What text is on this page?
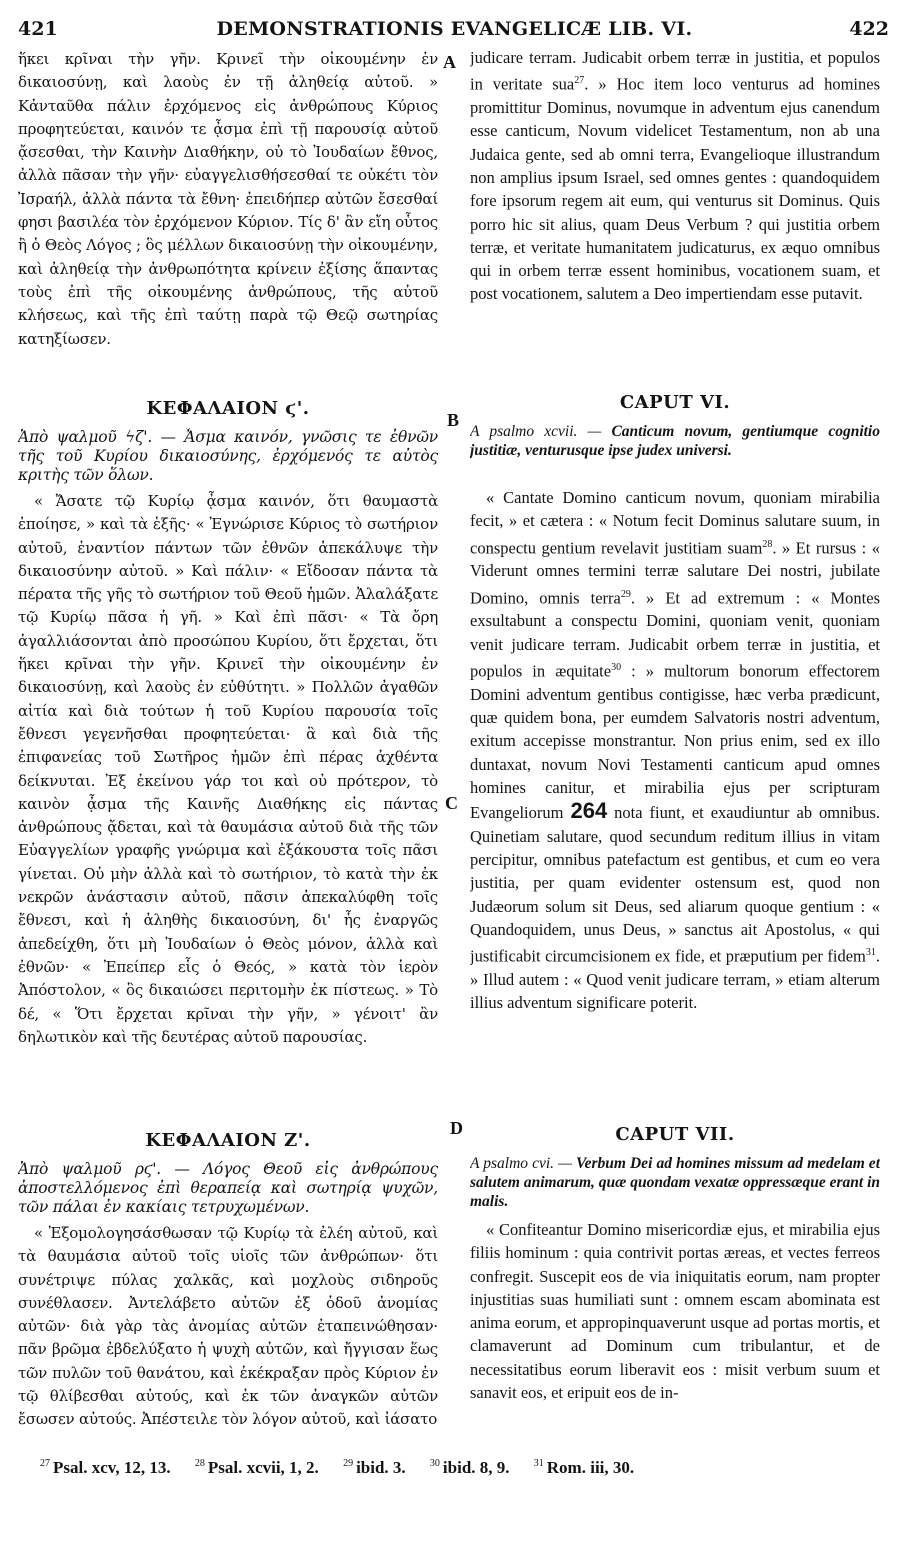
421	DEMONSTRATIONIS EVANGELICÆ LIB. VI.	422
A
B
C
D

ἥκει κρῖναι τὴν γῆν. Κρινεῖ τὴν οἰκουμένην ἐν δικαιοσύνῃ, καὶ λαοὺς ἐν τῇ ἀληθείᾳ αὐτοῦ. » Κἀνταῦθα πάλιν ἐρχόμενος εἰς ἀνθρώπους Κύριος προφητεύεται, καινόν τε ᾆσμα ἐπὶ τῇ παρουσίᾳ αὐτοῦ ᾄσεσθαι, τὴν Καινὴν Διαθήκην, οὐ τὸ Ἰουδαίων ἔθνος, ἀλλὰ πᾶσαν τὴν γῆν· εὐαγγελισθήσεσθαί τε οὐκέτι τὸν Ἰσραήλ, ἀλλὰ πάντα τὰ ἔθνη· ἐπειδήπερ αὐτῶν ἔσεσθαί φησι βασιλέα τὸν ἐρχόμενον Κύριον. Τίς δ' ἂν εἴη οὗτος ἢ ὁ Θεὸς Λόγος ; ὃς μέλλων δικαιοσύνῃ τὴν οἰκουμένην, καὶ ἀληθείᾳ τὴν ἀνθρωπότητα κρίνειν ἐξίσης ἅπαντας τοὺς ἐπὶ τῆς οἰκουμένης ἀνθρώπους, τῆς αὐτοῦ κλήσεως, καὶ τῆς ἐπὶ ταύτῃ παρὰ τῷ Θεῷ σωτηρίας κατηξίωσεν.

ΚΕΦΑΛΑΙΟΝ ϛ'.
Ἀπὸ ψαλμοῦ ϟζ'. — Ἆσμα καινόν, γνῶσις τε ἐθνῶν τῆς τοῦ Κυρίου δικαιοσύνης, ἐρχόμενός τε αὐτὸς κριτὴς τῶν ὅλων.

« Ἄσατε τῷ Κυρίῳ ᾆσμα καινόν, ὅτι θαυμαστὰ ἐποίησε, » καὶ τὰ ἑξῆς· « Ἐγνώρισε Κύριος τὸ σωτήριον αὐτοῦ, ἐναντίον πάντων τῶν ἐθνῶν ἀπεκάλυψε τὴν δικαιοσύνην αὐτοῦ. » Καὶ πάλιν· « Εἴδοσαν πάντα τὰ πέρατα τῆς γῆς τὸ σωτήριον τοῦ Θεοῦ ἡμῶν. Ἀλαλάξατε τῷ Κυρίῳ πᾶσα ἡ γῆ. » Καὶ ἐπὶ πᾶσι· « Τὰ ὄρη ἀγαλλιάσονται ἀπὸ προσώπου Κυρίου, ὅτι ἔρχεται, ὅτι ἥκει κρῖναι τὴν γῆν. Κρινεῖ τὴν οἰκουμένην ἐν δικαιοσύνῃ, καὶ λαοὺς ἐν εὐθύτητι. » Πολλῶν ἀγαθῶν αἰτία καὶ διὰ τούτων ἡ τοῦ Κυρίου παρουσία τοῖς ἔθνεσι γεγενῆσθαι προφητεύεται· ἃ καὶ διὰ τῆς ἐπιφανείας τοῦ Σωτῆρος ἡμῶν ἐπὶ πέρας ἀχθέντα δείκνυται. Ἐξ ἐκείνου γάρ τοι καὶ οὐ πρότερον, τὸ καινὸν ᾆσμα τῆς Καινῆς Διαθήκης εἰς πάντας ἀνθρώπους ᾄδεται, καὶ τὰ θαυμάσια αὐτοῦ διὰ τῆς τῶν Εὐαγγελίων γραφῆς γνώριμα καὶ ἐξάκουστα τοῖς πᾶσι γίνεται. Οὐ μὴν ἀλλὰ καὶ τὸ σωτήριον, τὸ κατὰ τὴν ἐκ νεκρῶν ἀνάστασιν αὐτοῦ, πᾶσιν ἀπεκαλύφθη τοῖς ἔθνεσι, καὶ ἡ ἀληθὴς δικαιοσύνη, δι' ἧς ἐναργῶς ἀπεδείχθη, ὅτι μὴ Ἰουδαίων ὁ Θεὸς μόνον, ἀλλὰ καὶ ἐθνῶν· « Ἐπείπερ εἷς ὁ Θεός, » κατὰ τὸν ἱερὸν Ἀπόστολον, « ὃς δικαιώσει περιτομὴν ἐκ πίστεως. » Τὸ δέ, « Ὅτι ἔρχεται κρῖναι τὴν γῆν, » γένοιτ' ἂν δηλωτικὸν καὶ τῆς δευτέρας αὐτοῦ παρουσίας.

ΚΕΦΑΛΑΙΟΝ Ζ'.
Ἀπὸ ψαλμοῦ ρϛ'. — Λόγος Θεοῦ εἰς ἀνθρώπους ἀποστελλόμενος ἐπὶ θεραπείᾳ καὶ σωτηρίᾳ ψυχῶν, τῶν πάλαι ἐν κακίαις τετρυχωμένων.

« Ἐξομολογησάσθωσαν τῷ Κυρίῳ τὰ ἐλέη αὐτοῦ, καὶ τὰ θαυμάσια αὐτοῦ τοῖς υἱοῖς τῶν ἀνθρώπων· ὅτι συνέτριψε πύλας χαλκᾶς, καὶ μοχλοὺς σιδηροῦς συνέθλασεν. Ἀντελάβετο αὐτῶν ἐξ ὁδοῦ ἀνομίας αὐτῶν· διὰ γὰρ τὰς ἀνομίας αὐτῶν ἐταπεινώθησαν· πᾶν βρῶμα ἐβδελύξατο ἡ ψυχὴ αὐτῶν, καὶ ἤγγισαν ἕως τῶν πυλῶν τοῦ θανάτου, καὶ ἐκέκραξαν πρὸς Κύριον ἐν τῷ θλίβεσθαι αὐτούς, καὶ ἐκ τῶν ἀναγκῶν αὐτῶν ἔσωσεν αὐτούς. Ἀπέστειλε τὸν λόγον αὐτοῦ, καὶ ἰάσατο

judicare terram. Judicabit orbem terræ in justitia, et populos in veritate sua$^{27}$. » Hoc item loco venturus ad homines promittitur Dominus, novumque in adventum ejus canendum esse canticum, Novum videlicet Testamentum, non ab una Judaica gente, sed ab omni terra, Evangelioque illustrandum non amplius ipsum Israel, sed omnes gentes : quandoquidem fore ipsorum regem ait eum, qui venturus sit Dominus. Quis porro hic sit alius, quam Deus Verbum ? qui justitia orbem terræ, et veritate humanitatem judicaturus, ex æquo omnibus qui in orbem terræ essent hominibus, vocationem suam, et post vocationem, salutem a Deo impertiendam esse putavit.

CAPUT VI.
A psalmo xcvii. — Canticum novum, gentiumque cognitio justitiæ, venturusque ipse judex universi.

« Cantate Domino canticum novum, quoniam mirabilia fecit, » et cætera : « Notum fecit Dominus salutare suum, in conspectu gentium revelavit justitiam suam$^{28}$. » Et rursus : « Viderunt omnes termini terræ salutare Dei nostri, jubilate Domino, omnis terra$^{29}$. » Et ad extremum : « Montes exsultabunt a conspectu Domini, quoniam venit, quoniam venit judicare terram. Judicabit orbem terræ in justitia, et populos in æquitate$^{30}$ : » multorum bonorum effectorem Domini adventum gentibus contigisse, hæc verba prædicunt, quæ quidem bona, per eumdem Salvatoris nostri adventum, exitum accepisse monstrantur. Non prius enim, sed ex illo duntaxat, novum Novi Testamenti canticum apud omnes homines canitur, et mirabilia ejus per scripturam Evangeliorum 264 nota fiunt, et exaudiuntur ab omnibus. Quinetiam salutare, quod secundum reditum illius in vitam percipitur, omnibus patefactum est gentibus, et cum eo vera justitia, per quam evidenter ostensum est, quod non Judæorum solum sit Deus, sed aliarum quoque gentium : « Quandoquidem, unus Deus, » sanctus ait Apostolus, « qui justificabit circumcisionem ex fide, et præputium per fidem$^{31}$. » Illud autem : « Quod venit judicare terram, » etiam alterum illius adventum significare poterit.

CAPUT VII.
A psalmo cvi. — Verbum Dei ad homines missum ad medelam et salutem animarum, quæ quondam vexatæ oppressæque erant in malis.

« Confiteantur Domino misericordiæ ejus, et mirabilia ejus filiis hominum : quia contrivit portas æreas, et vectes ferreos confregit. Suscepit eos de via iniquitatis eorum, nam propter injustitias suas humiliati sunt : omnem escam abominata est anima eorum, et appropinquaverunt usque ad portas mortis, et clamaverunt ad Dominum cum tribulantur, et de necessitatibus eorum liberavit eos : misit verbum suum et sanavit eos, et eripuit eos de in-

$^{27}$ Psal. xcv, 12, 13. $^{28}$ Psal. xcvii, 1, 2. $^{29}$ ibid. 3. $^{30}$ ibid. 8, 9. $^{31}$ Rom. iii, 30.
